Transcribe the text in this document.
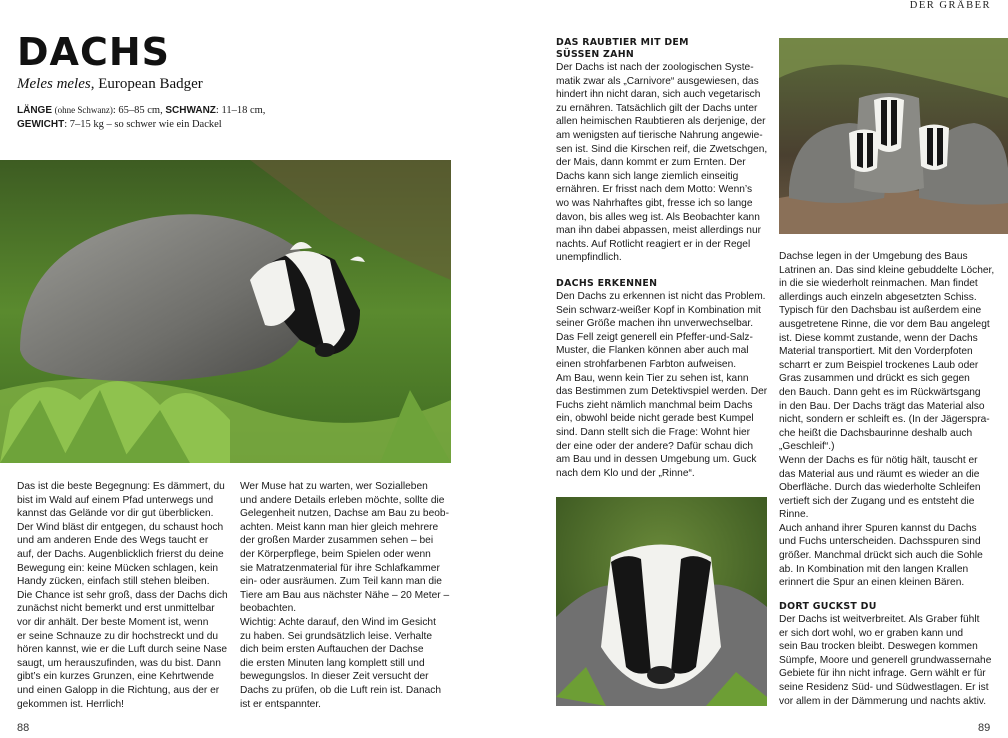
DER GRÄBER
DACHS
Meles meles, European Badger
LÄNGE (ohne Schwanz): 65–85 cm, SCHWANZ: 11–18 cm,
GEWICHT: 7–15 kg – so schwer wie ein Dackel

Das ist die beste Begegnung: Es dämmert, du
bist im Wald auf einem Pfad unterwegs und
kannst das Gelände vor dir gut überblicken.
Der Wind bläst dir entgegen, du schaust hoch
und am anderen Ende des Wegs taucht er
auf, der Dachs. Augenblicklich frierst du deine
Bewegung ein: keine Mücken schlagen, kein
Handy zücken, einfach still stehen bleiben.
Die Chance ist sehr groß, dass der Dachs dich
zunächst nicht bemerkt und erst unmittelbar
vor dir anhält. Der beste Moment ist, wenn
er seine Schnauze zu dir hochstreckt und du
hören kannst, wie er die Luft durch seine Nase
saugt, um herauszufinden, was du bist. Dann
gibt’s ein kurzes Grunzen, eine Kehrtwende
und einen Galopp in die Richtung, aus der er
gekommen ist. Herrlich!

Wer Muse hat zu warten, wer Sozialleben
und andere Details erleben möchte, sollte die
Gelegenheit nutzen, Dachse am Bau zu beob-
achten. Meist kann man hier gleich mehrere
der großen Marder zusammen sehen – bei
der Körperpflege, beim Spielen oder wenn
sie Matratzenmaterial für ihre Schlafkammer
ein- oder ausräumen. Zum Teil kann man die
Tiere am Bau aus nächster Nähe – 20 Meter –
beobachten.
Wichtig: Achte darauf, den Wind im Gesicht
zu haben. Sei grundsätzlich leise. Verhalte
dich beim ersten Auftauchen der Dachse
die ersten Minuten lang komplett still und
bewegungslos. In dieser Zeit versucht der
Dachs zu prüfen, ob die Luft rein ist. Danach
ist er entspannter.

88

DAS RAUBTIER MIT DEM
SÜSSEN ZAHN

Der Dachs ist nach der zoologischen Syste-
matik zwar als „Carnivore“ ausgewiesen, das
hindert ihn nicht daran, sich auch vegetarisch
zu ernähren. Tatsächlich gilt der Dachs unter
allen heimischen Raubtieren als derjenige, der
am wenigsten auf tierische Nahrung angewie-
sen ist. Sind die Kirschen reif, die Zwetschgen,
der Mais, dann kommt er zum Ernten. Der
Dachs kann sich lange ziemlich einseitig
ernähren. Er frisst nach dem Motto: Wenn’s
wo was Nahrhaftes gibt, fresse ich so lange
davon, bis alles weg ist. Als Beobachter kann
man ihn dabei abpassen, meist allerdings nur
nachts. Auf Rotlicht reagiert er in der Regel
unempfindlich.

DACHS ERKENNEN

Den Dachs zu erkennen ist nicht das Problem.
Sein schwarz-weißer Kopf in Kombination mit
seiner Größe machen ihn unverwechselbar.
Das Fell zeigt generell ein Pfeffer-und-Salz-
Muster, die Flanken können aber auch mal
einen strohfarbenen Farbton aufweisen.
Am Bau, wenn kein Tier zu sehen ist, kann
das Bestimmen zum Detektivspiel werden. Der
Fuchs zieht nämlich manchmal beim Dachs
ein, obwohl beide nicht gerade best Kumpel
sind. Dann stellt sich die Frage: Wohnt hier
der eine oder der andere? Dafür schau dich
am Bau und in dessen Umgebung um. Guck
nach dem Klo und der „Rinne“.

Dachse legen in der Umgebung des Baus
Latrinen an. Das sind kleine gebuddelte Löcher,
in die sie wiederholt reinmachen. Man findet
allerdings auch einzeln abgesetzten Schiss.
Typisch für den Dachsbau ist außerdem eine
ausgetretene Rinne, die vor dem Bau angelegt
ist. Diese kommt zustande, wenn der Dachs
Material transportiert. Mit den Vorderpfoten
scharrt er zum Beispiel trockenes Laub oder
Gras zusammen und drückt es sich gegen
den Bauch. Dann geht es im Rückwärtsgang
in den Bau. Der Dachs trägt das Material also
nicht, sondern er schleift es. (In der Jägerspra-
che heißt die Dachsbaurinne deshalb auch
„Geschleif“.)
Wenn der Dachs es für nötig hält, tauscht er
das Material aus und räumt es wieder an die
Oberfläche. Durch das wiederholte Schleifen
vertieft sich der Zugang und es entsteht die
Rinne.
Auch anhand ihrer Spuren kannst du Dachs
und Fuchs unterscheiden. Dachsspuren sind
größer. Manchmal drückt sich auch die Sohle
ab. In Kombination mit den langen Krallen
erinnert die Spur an einen kleinen Bären.

DORT GUCKST DU

Der Dachs ist weitverbreitet. Als Graber fühlt
er sich dort wohl, wo er graben kann und
sein Bau trocken bleibt. Deswegen kommen
Sümpfe, Moore und generell grundwassernahe
Gebiete für ihn nicht infrage. Gern wählt er für
seine Residenz Süd- und Südwestlagen. Er ist
vor allem in der Dämmerung und nachts aktiv.

89
